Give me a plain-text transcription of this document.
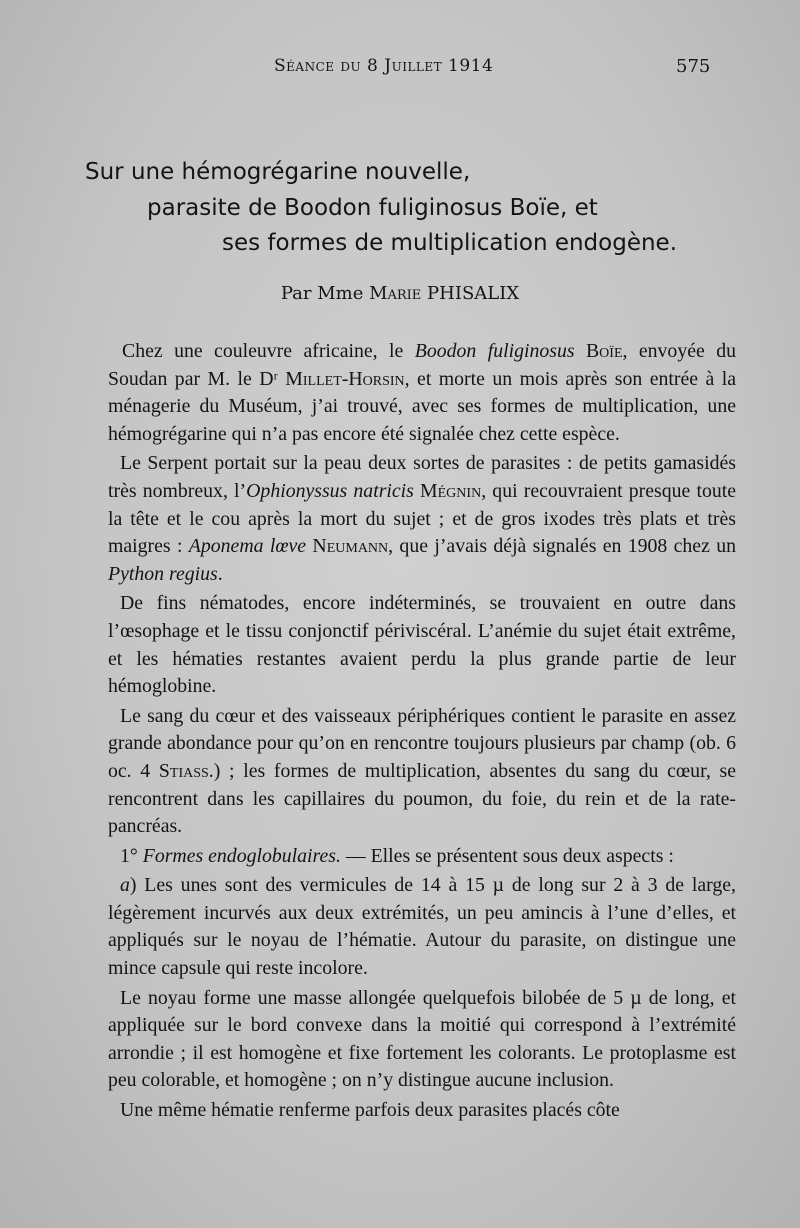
Séance du 8 Juillet 1914	575
Sur une hémogrégarine nouvelle,
parasite de Boodon fuliginosus Boïe, et
ses formes de multiplication endogène.
Par Mme Marie PHISALIX

Chez une couleuvre africaine, le Boodon fuliginosus Boïe, envoyée du Soudan par M. le Dʳ Millet-Horsin, et morte un mois après son entrée à la ménagerie du Muséum, j’ai trouvé, avec ses formes de multiplication, une hémogrégarine qui n’a pas encore été signalée chez cette espèce.

Le Serpent portait sur la peau deux sortes de parasites : de petits gamasidés très nombreux, l’Ophionyssus natricis Mégnin, qui recouvraient presque toute la tête et le cou après la mort du sujet ; et de gros ixodes très plats et très maigres : Aponema lœve Neumann, que j’avais déjà signalés en 1908 chez un Python regius.

De fins nématodes, encore indéterminés, se trouvaient en outre dans l’œsophage et le tissu conjonctif périviscéral. L’anémie du sujet était extrême, et les hématies restantes avaient perdu la plus grande partie de leur hémoglobine.

Le sang du cœur et des vaisseaux périphériques contient le parasite en assez grande abondance pour qu’on en rencontre toujours plusieurs par champ (ob. 6 oc. 4 Stiass.) ; les formes de multiplication, absentes du sang du cœur, se rencontrent dans les capillaires du poumon, du foie, du rein et de la rate-pancréas.

1° Formes endoglobulaires. — Elles se présentent sous deux aspects :

a) Les unes sont des vermicules de 14 à 15 µ de long sur 2 à 3 de large, légèrement incurvés aux deux extrémités, un peu amincis à l’une d’elles, et appliqués sur le noyau de l’hématie. Autour du parasite, on distingue une mince capsule qui reste incolore.

Le noyau forme une masse allongée quelquefois bilobée de 5 µ de long, et appliquée sur le bord convexe dans la moitié qui correspond à l’extrémité arrondie ; il est homogène et fixe fortement les colorants. Le protoplasme est peu colorable, et homogène ; on n’y distingue aucune inclusion.

Une même hématie renferme parfois deux parasites placés côte
